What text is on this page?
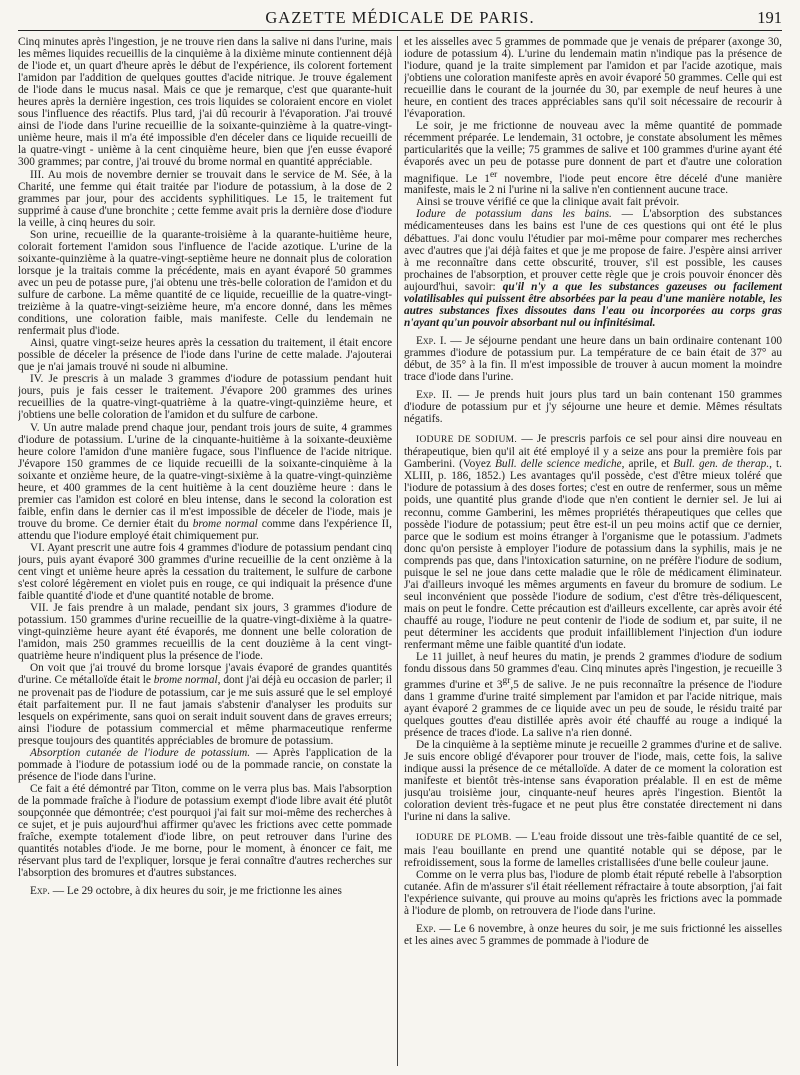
GAZETTE MÉDICALE DE PARIS.	191

Cinq minutes après l'ingestion, je ne trouve rien dans la salive ni dans l'urine, mais les mêmes liquides recueillis de la cinquième à la dixième minute contiennent déjà de l'iode et, un quart d'heure après le début de l'expérience, ils colorent fortement l'amidon par l'addition de quelques gouttes d'acide nitrique. Je trouve également de l'iode dans le mucus nasal. Mais ce que je remarque, c'est que quarante-huit heures après la dernière ingestion, ces trois liquides se coloraient encore en violet sous l'influence des réactifs. Plus tard, j'ai dû recourir à l'évaporation. J'ai trouvé ainsi de l'iode dans l'urine recueillie de la soixante-quinzième à la quatre-vingt-unième heure, mais il m'a été impossible d'en déceler dans ce liquide recueilli de la quatre-vingt - unième à la cent cinquième heure, bien que j'en eusse évaporé 300 grammes; par contre, j'ai trouvé du brome normal en quantité appréciable.

III. Au mois de novembre dernier se trouvait dans le service de M. Sée, à la Charité, une femme qui était traitée par l'iodure de potassium, à la dose de 2 grammes par jour, pour des accidents syphilitiques. Le 15, le traitement fut supprimé à cause d'une bronchite ; cette femme avait pris la dernière dose d'iodure la veille, à cinq heures du soir.

Son urine, recueillie de la quarante-troisième à la quarante-huitième heure, colorait fortement l'amidon sous l'influence de l'acide azotique. L'urine de la soixante-quinzième à la quatre-vingt-septième heure ne donnait plus de coloration lorsque je la traitais comme la précédente, mais en ayant évaporé 50 grammes avec un peu de potasse pure, j'ai obtenu une très-belle coloration de l'amidon et du sulfure de carbone. La même quantité de ce liquide, recueillie de la quatre-vingt-treizième à la quatre-vingt-seizième heure, m'a encore donné, dans les mêmes conditions, une coloration faible, mais manifeste. Celle du lendemain ne renfermait plus d'iode.

Ainsi, quatre vingt-seize heures après la cessation du traitement, il était encore possible de déceler la présence de l'iode dans l'urine de cette malade. J'ajouterai que je n'ai jamais trouvé ni soude ni albumine.

IV. Je prescris à un malade 3 grammes d'iodure de potassium pendant huit jours, puis je fais cesser le traitement. J'évapore 200 grammes des urines recueillies de la quatre-vingt-quatrième à la quatre-vingt-quinzième heure, et j'obtiens une belle coloration de l'amidon et du sulfure de carbone.

V. Un autre malade prend chaque jour, pendant trois jours de suite, 4 grammes d'iodure de potassium. L'urine de la cinquante-huitième à la soixante-deuxième heure colore l'amidon d'une manière fugace, sous l'influence de l'acide nitrique. J'évapore 150 grammes de ce liquide recueilli de la soixante-cinquième à la soixante et onzième heure, de la quatre-vingt-sixième à la quatre-vingt-quinzième heure, et 400 grammes de la cent huitième à la cent douzième heure : dans le premier cas l'amidon est coloré en bleu intense, dans le second la coloration est faible, enfin dans le dernier cas il m'est impossible de déceler de l'iode, mais je trouve du brome. Ce dernier était du brome normal comme dans l'expérience II, attendu que l'iodure employé était chimiquement pur.

VI. Ayant prescrit une autre fois 4 grammes d'iodure de potassium pendant cinq jours, puis ayant évaporé 300 grammes d'urine recueillie de la cent onzième à la cent vingt et unième heure après la cessation du traitement, le sulfure de carbone s'est coloré légèrement en violet puis en rouge, ce qui indiquait la présence d'une faible quantité d'iode et d'une quantité notable de brome.

VII. Je fais prendre à un malade, pendant six jours, 3 grammes d'iodure de potassium. 150 grammes d'urine recueillie de la quatre-vingt-dixième à la quatre-vingt-quinzième heure ayant été évaporés, me donnent une belle coloration de l'amidon, mais 250 grammes recueillis de la cent douzième à la cent vingt-quatrième heure n'indiquent plus la présence de l'iode.

On voit que j'ai trouvé du brome lorsque j'avais évaporé de grandes quantités d'urine. Ce métalloïde était le brome normal, dont j'ai déjà eu occasion de parler; il ne provenait pas de l'iodure de potassium, car je me suis assuré que le sel employé était parfaitement pur. Il ne faut jamais s'abstenir d'analyser les produits sur lesquels on expérimente, sans quoi on serait induit souvent dans de graves erreurs; ainsi l'iodure de potassium commercial et même pharmaceutique renferme presque toujours des quantités appréciables de bromure de potassium.

Absorption cutanée de l'iodure de potassium. — Après l'application de la pommade à l'iodure de potassium iodé ou de la pommade rancie, on constate la présence de l'iode dans l'urine.

Ce fait a été démontré par Titon, comme on le verra plus bas. Mais l'absorption de la pommade fraîche à l'iodure de potassium exempt d'iode libre avait été plutôt soupçonnée que démontrée; c'est pourquoi j'ai fait sur moi-même des recherches à ce sujet, et je puis aujourd'hui affirmer qu'avec les frictions avec cette pommade fraîche, exempte totalement d'iode libre, on peut retrouver dans l'urine des quantités notables d'iode. Je me borne, pour le moment, à énoncer ce fait, me réservant plus tard de l'expliquer, lorsque je ferai connaître d'autres recherches sur l'absorption des bromures et d'autres substances.

Exp. — Le 29 octobre, à dix heures du soir, je me frictionne les aines

et les aisselles avec 5 grammes de pommade que je venais de préparer (axonge 30, iodure de potassium 4). L'urine du lendemain matin n'indique pas la présence de l'iodure, quand je la traite simplement par l'amidon et par l'acide azotique, mais j'obtiens une coloration manifeste après en avoir évaporé 50 grammes. Celle qui est recueillie dans le courant de la journée du 30, par exemple de neuf heures à une heure, en contient des traces appréciables sans qu'il soit nécessaire de recourir à l'évaporation.

Le soir, je me frictionne de nouveau avec la même quantité de pommade récemment préparée. Le lendemain, 31 octobre, je constate absolument les mêmes particularités que la veille; 75 grammes de salive et 100 grammes d'urine ayant été évaporés avec un peu de potasse pure donnent de part et d'autre une coloration magnifique. Le 1er novembre, l'iode peut encore être décelé d'une manière manifeste, mais le 2 ni l'urine ni la salive n'en contiennent aucune trace.

Ainsi se trouve vérifié ce que la clinique avait fait prévoir.

Iodure de potassium dans les bains. — L'absorption des substances médicamenteuses dans les bains est l'une de ces questions qui ont été le plus débattues. J'ai donc voulu l'étudier par moi-même pour comparer mes recherches avec d'autres que j'ai déjà faites et que je me propose de faire. J'espère ainsi arriver à me reconnaître dans cette obscurité, trouver, s'il est possible, les causes prochaines de l'absorption, et prouver cette règle que je crois pouvoir énoncer dès aujourd'hui, savoir: qu'il n'y a que les substances gazeuses ou facilement volatilisables qui puissent être absorbées par la peau d'une manière notable, les autres substances fixes dissoutes dans l'eau ou incorporées au corps gras n'ayant qu'un pouvoir absorbant nul ou infinitésimal.

Exp. I. — Je séjourne pendant une heure dans un bain ordinaire contenant 100 grammes d'iodure de potassium pur. La température de ce bain était de 37° au début, de 35° à la fin. Il m'est impossible de trouver à aucun moment la moindre trace d'iode dans l'urine.

Exp. II. — Je prends huit jours plus tard un bain contenant 150 grammes d'iodure de potassium pur et j'y séjourne une heure et demie. Mêmes résultats négatifs.

IODURE DE SODIUM. — Je prescris parfois ce sel pour ainsi dire nouveau en thérapeutique, bien qu'il ait été employé il y a seize ans pour la première fois par Gamberini. (Voyez Bull. delle science mediche, aprile, et Bull. gen. de therap., t. XLIII, p. 186, 1852.) Les avantages qu'il possède, c'est d'être mieux toléré que l'iodure de potassium à des doses fortes; c'est en outre de renfermer, sous un même poids, une quantité plus grande d'iode que n'en contient le dernier sel. Je lui ai reconnu, comme Gamberini, les mêmes propriétés thérapeutiques que celles que possède l'iodure de potassium; peut être est-il un peu moins actif que ce dernier, parce que le sodium est moins étranger à l'organisme que le potassium. J'admets donc qu'on persiste à employer l'iodure de potassium dans la syphilis, mais je ne comprends pas que, dans l'intoxication saturnine, on ne préfère l'iodure de sodium, puisque le sel ne joue dans cette maladie que le rôle de médicament éliminateur. J'ai d'ailleurs invoqué les mêmes arguments en faveur du bromure de sodium. Le seul inconvénient que possède l'iodure de sodium, c'est d'être très-déliquescent, mais on peut le fondre. Cette précaution est d'ailleurs excellente, car après avoir été chauffé au rouge, l'iodure ne peut contenir de l'iode de sodium et, par suite, il ne peut déterminer les accidents que produit infailliblement l'injection d'un iodure renfermant même une faible quantité d'un iodate.

Le 11 juillet, à neuf heures du matin, je prends 2 grammes d'iodure de sodium fondu dissous dans 50 grammes d'eau. Cinq minutes après l'ingestion, je recueille 3 grammes d'urine et $3^{gr},5$ de salive. Je ne puis reconnaître la présence de l'iodure dans 1 gramme d'urine traité simplement par l'amidon et par l'acide nitrique, mais ayant évaporé 2 grammes de ce liquide avec un peu de soude, le résidu traité par quelques gouttes d'eau distillée après avoir été chauffé au rouge a indiqué la présence de traces d'iode. La salive n'a rien donné.

De la cinquième à la septième minute je recueille 2 grammes d'urine et de salive. Je suis encore obligé d'évaporer pour trouver de l'iode, mais, cette fois, la salive indique aussi la présence de ce métalloïde. A dater de ce moment la coloration est manifeste et bientôt très-intense sans évaporation préalable. Il en est de même jusqu'au troisième jour, cinquante-neuf heures après l'ingestion. Bientôt la coloration devient très-fugace et ne peut plus être constatée directement ni dans l'urine ni dans la salive.

IODURE DE PLOMB. — L'eau froide dissout une très-faible quantité de ce sel, mais l'eau bouillante en prend une quantité notable qui se dépose, par le refroidissement, sous la forme de lamelles cristallisées d'une belle couleur jaune.

Comme on le verra plus bas, l'iodure de plomb était réputé rebelle à l'absorption cutanée. Afin de m'assurer s'il était réellement réfractaire à toute absorption, j'ai fait l'expérience suivante, qui prouve au moins qu'après les frictions avec la pommade à l'iodure de plomb, on retrouvera de l'iode dans l'urine.

Exp. — Le 6 novembre, à onze heures du soir, je me suis frictionné les aisselles et les aines avec 5 grammes de pommade à l'iodure de
